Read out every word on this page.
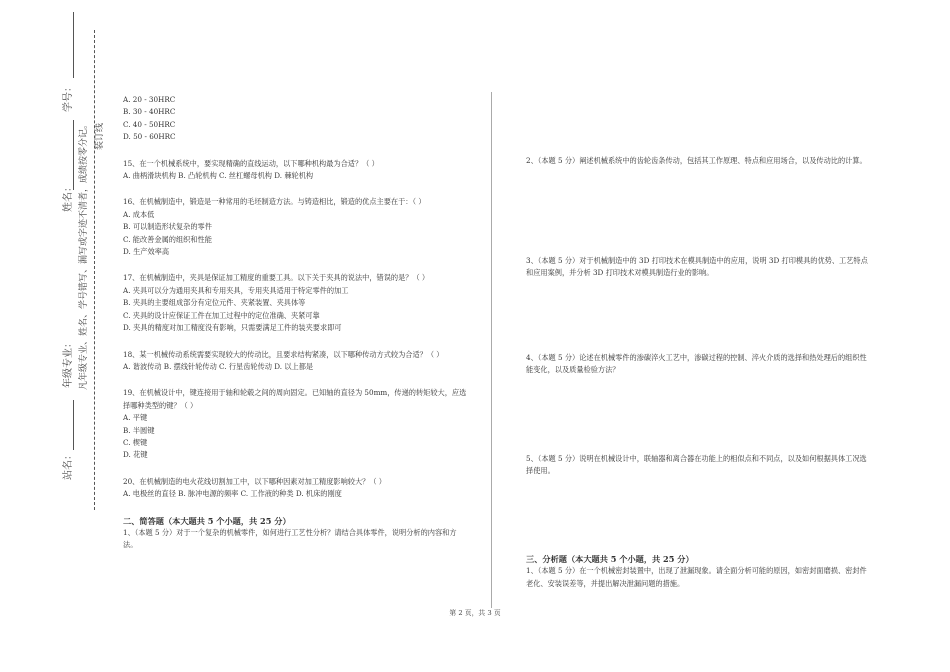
学号：
装订线
姓名：
年级专业： 凡年级专业、姓名、学号错写、漏写或字迹不清者，成绩按零分记。
站名：

A. 20 - 30HRC

B. 30 - 40HRC

C. 40 - 50HRC

D. 50 - 60HRC

15、在一个机械系统中，要实现精确的直线运动，以下哪种机构最为合适？（ ）

A. 曲柄滑块机构 B. 凸轮机构 C. 丝杠螺母机构 D. 棘轮机构

16、在机械制造中，锻造是一种常用的毛坯制造方法。与铸造相比，锻造的优点主要在于：（ ）

A. 成本低

B. 可以制造形状复杂的零件

C. 能改善金属的组织和性能

D. 生产效率高

17、在机械制造中，夹具是保证加工精度的重要工具。以下关于夹具的说法中，错误的是？（ ）

A. 夹具可以分为通用夹具和专用夹具，专用夹具适用于特定零件的加工

B. 夹具的主要组成部分有定位元件、夹紧装置、夹具体等

C. 夹具的设计应保证工件在加工过程中的定位准确、夹紧可靠

D. 夹具的精度对加工精度没有影响，只需要满足工件的装夹要求即可

18、某一机械传动系统需要实现较大的传动比，且要求结构紧凑，以下哪种传动方式较为合适？（ ）

A. 谐波传动 B. 摆线针轮传动 C. 行星齿轮传动 D. 以上都是

19、在机械设计中，键连接用于轴和轮毂之间的周向固定。已知轴的直径为 50mm，传递的转矩较大，应选择哪种类型的键？（ ）

A. 平键

B. 半圆键

C. 楔键

D. 花键

20、在机械制造的电火花线切割加工中，以下哪种因素对加工精度影响较大？（ ）

A. 电极丝的直径 B. 脉冲电源的频率 C. 工作液的种类 D. 机床的刚度

二、简答题（本大题共 5 个小题，共 25 分）

1、（本题 5 分）对于一个复杂的机械零件，如何进行工艺性分析？请结合具体零件，说明分析的内容和方法。

2、（本题 5 分）阐述机械系统中的齿轮齿条传动，包括其工作原理、特点和应用场合，以及传动比的计算。

3、（本题 5 分）对于机械制造中的 3D 打印技术在模具制造中的应用，说明 3D 打印模具的优势、工艺特点和应用案例，并分析 3D 打印技术对模具制造行业的影响。

4、（本题 5 分）论述在机械零件的渗碳淬火工艺中，渗碳过程的控制、淬火介质的选择和热处理后的组织性能变化，以及质量检验方法？

5、（本题 5 分）说明在机械设计中，联轴器和离合器在功能上的相似点和不同点，以及如何根据具体工况选择使用。

三、分析题（本大题共 5 个小题，共 25 分）

1、（本题 5 分）在一个机械密封装置中，出现了泄漏现象。请全面分析可能的原因，如密封面磨损、密封件老化、安装误差等，并提出解决泄漏问题的措施。

第 2 页，共 3 页
